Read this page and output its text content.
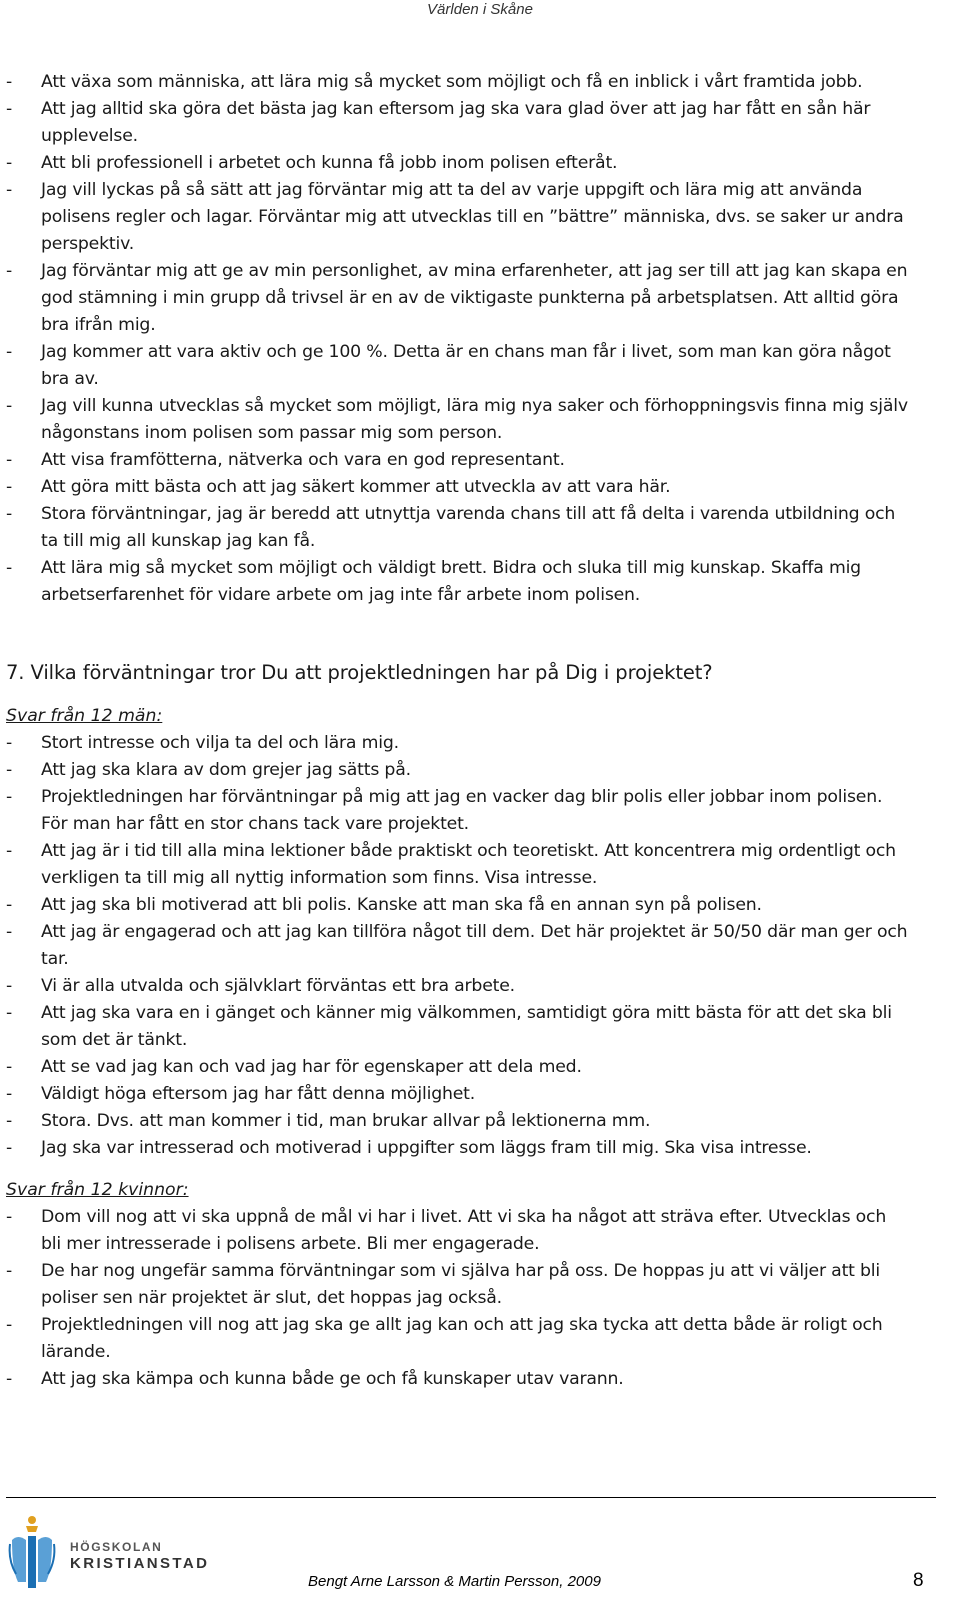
Världen i Skåne
- Att växa som människa, att lära mig så mycket som möjligt och få en inblick i vårt framtida jobb.
- Att jag alltid ska göra det bästa jag kan eftersom jag ska vara glad över att jag har fått en sån här upplevelse.
- Att bli professionell i arbetet och kunna få jobb inom polisen efteråt.
- Jag vill lyckas på så sätt att jag förväntar mig att ta del av varje uppgift och lära mig att använda polisens regler och lagar. Förväntar mig att utvecklas till en ”bättre” människa, dvs. se saker ur andra perspektiv.
- Jag förväntar mig att ge av min personlighet, av mina erfarenheter, att jag ser till att jag kan skapa en god stämning i min grupp då trivsel är en av de viktigaste punkterna på arbetsplatsen. Att alltid göra bra ifrån mig.
- Jag kommer att vara aktiv och ge 100 %. Detta är en chans man får i livet, som man kan göra något bra av.
- Jag vill kunna utvecklas så mycket som möjligt, lära mig nya saker och förhoppningsvis finna mig själv någonstans inom polisen som passar mig som person.
- Att visa framfötterna, nätverka och vara en god representant.
- Att göra mitt bästa och att jag säkert kommer att utveckla av att vara här.
- Stora förväntningar, jag är beredd att utnyttja varenda chans till att få delta i varenda utbildning och ta till mig all kunskap jag kan få.
- Att lära mig så mycket som möjligt och väldigt brett. Bidra och sluka till mig kunskap. Skaffa mig arbetserfarenhet för vidare arbete om jag inte får arbete inom polisen.
7. Vilka förväntningar tror Du att projektledningen har på Dig i projektet?
Svar från 12 män:
- Stort intresse och vilja ta del och lära mig.
- Att jag ska klara av dom grejer jag sätts på.
- Projektledningen har förväntningar på mig att jag en vacker dag blir polis eller jobbar inom polisen. För man har fått en stor chans tack vare projektet.
- Att jag är i tid till alla mina lektioner både praktiskt och teoretiskt. Att koncentrera mig ordentligt och verkligen ta till mig all nyttig information som finns. Visa intresse.
- Att jag ska bli motiverad att bli polis. Kanske att man ska få en annan syn på polisen.
- Att jag är engagerad och att jag kan tillföra något till dem. Det här projektet är 50/50 där man ger och tar.
- Vi är alla utvalda och självklart förväntas ett bra arbete.
- Att jag ska vara en i gänget och känner mig välkommen, samtidigt göra mitt bästa för att det ska bli som det är tänkt.
- Att se vad jag kan och vad jag har för egenskaper att dela med.
- Väldigt höga eftersom jag har fått denna möjlighet.
- Stora. Dvs. att man kommer i tid, man brukar allvar på lektionerna mm.
- Jag ska var intresserad och motiverad i uppgifter som läggs fram till mig. Ska visa intresse.
Svar från 12 kvinnor:
- Dom vill nog att vi ska uppnå de mål vi har i livet. Att vi ska ha något att sträva efter. Utvecklas och bli mer intresserade i polisens arbete. Bli mer engagerade.
- De har nog ungefär samma förväntningar som vi själva har på oss. De hoppas ju att vi väljer att bli poliser sen när projektet är slut, det hoppas jag också.
- Projektledningen vill nog att jag ska ge allt jag kan och att jag ska tycka att detta både är roligt och lärande.
- Att jag ska kämpa och kunna både ge och få kunskaper utav varann.
HÖGSKOLAN
KRISTIANSTAD
Bengt Arne Larsson & Martin Persson, 2009	8
